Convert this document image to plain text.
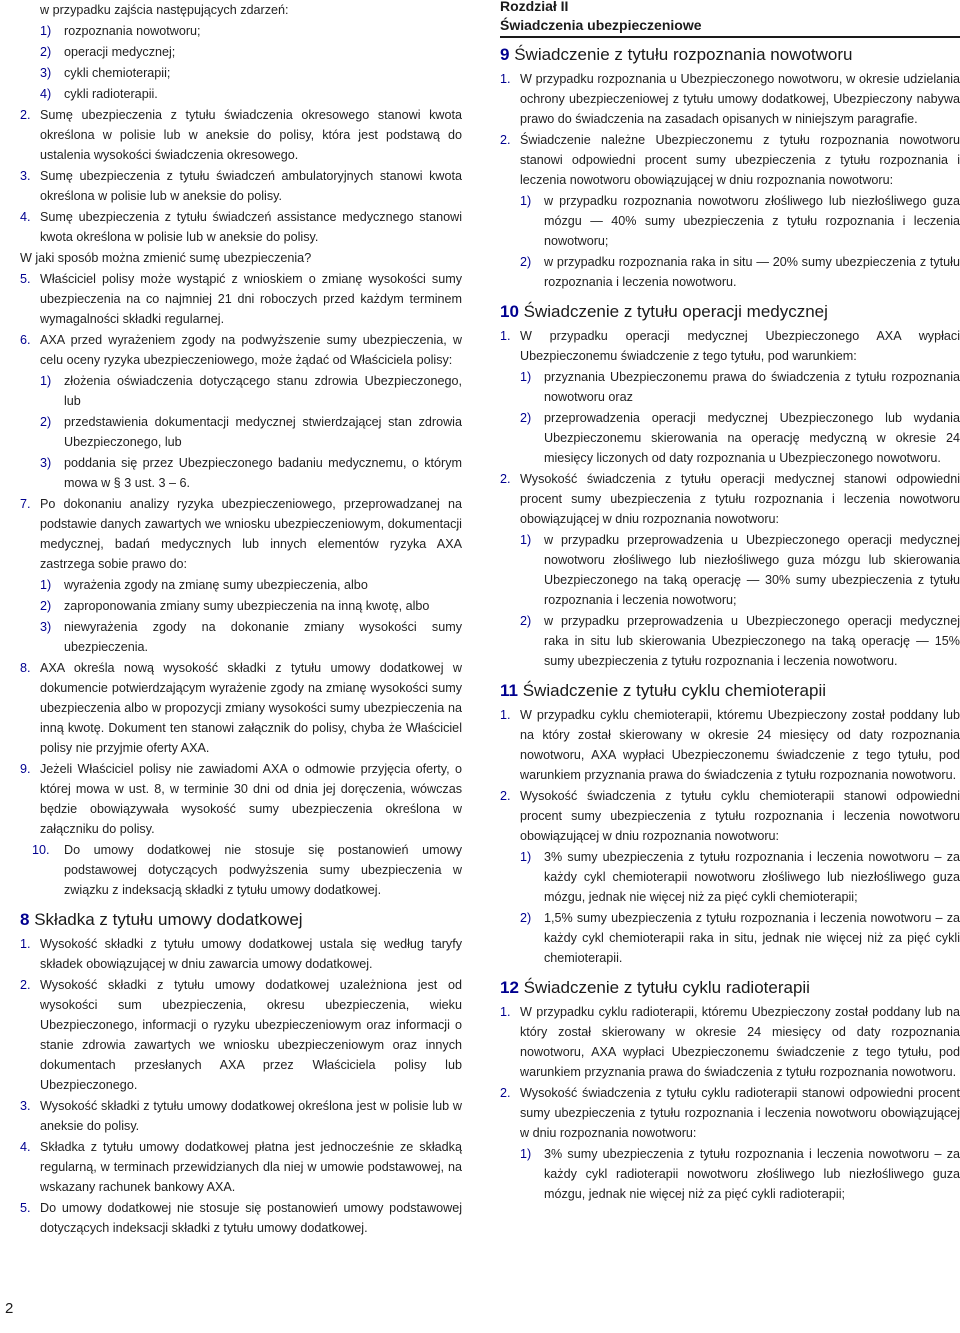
w przypadku zajścia następujących zdarzeń:
1) rozpoznania nowotworu;
2) operacji medycznej;
3) cykli chemioterapii;
4) cykli radioterapii.
2. Sumę ubezpieczenia z tytułu świadczenia okresowego stanowi kwota określona w polisie lub w aneksie do polisy, która jest podstawą do ustalenia wysokości świadczenia okresowego.
3. Sumę ubezpieczenia z tytułu świadczeń ambulatoryjnych stanowi kwota określona w polisie lub w aneksie do polisy.
4. Sumę ubezpieczenia z tytułu świadczeń assistance medycznego stanowi kwota określona w polisie lub w aneksie do polisy.
W jaki sposób można zmienić sumę ubezpieczenia?
5. Właściciel polisy może wystąpić z wnioskiem o zmianę wysokości sumy ubezpieczenia na co najmniej 21 dni roboczych przed każdym terminem wymagalności składki regularnej.
6. AXA przed wyrażeniem zgody na podwyższenie sumy ubezpieczenia, w celu oceny ryzyka ubezpieczeniowego, może żądać od Właściciela polisy:
1) złożenia oświadczenia dotyczącego stanu zdrowia Ubezpieczonego, lub
2) przedstawienia dokumentacji medycznej stwierdzającej stan zdrowia Ubezpieczonego, lub
3) poddania się przez Ubezpieczonego badaniu medycznemu, o którym mowa w § 3 ust. 3 – 6.
7. Po dokonaniu analizy ryzyka ubezpieczeniowego, przeprowadzanej na podstawie danych zawartych we wniosku ubezpieczeniowym, dokumentacji medycznej, badań medycznych lub innych elementów ryzyka AXA zastrzega sobie prawo do:
1) wyrażenia zgody na zmianę sumy ubezpieczenia, albo
2) zaproponowania zmiany sumy ubezpieczenia na inną kwotę, albo
3) niewyrażenia zgody na dokonanie zmiany wysokości sumy ubezpieczenia.
8. AXA określa nową wysokość składki z tytułu umowy dodatkowej w dokumencie potwierdzającym wyrażenie zgody na zmianę wysokości sumy ubezpieczenia albo w propozycji zmiany wysokości sumy ubezpieczenia na inną kwotę. Dokument ten stanowi załącznik do polisy, chyba że Właściciel polisy nie przyjmie oferty AXA.
9. Jeżeli Właściciel polisy nie zawiadomi AXA o odmowie przyjęcia oferty, o której mowa w ust. 8, w terminie 30 dni od dnia jej doręczenia, wówczas będzie obowiązywała wysokość sumy ubezpieczenia określona w załączniku do polisy.
10. Do umowy dodatkowej nie stosuje się postanowień umowy podstawowej dotyczących podwyższenia sumy ubezpieczenia w związku z indeksacją składki z tytułu umowy dodatkowej.
8 Składka z tytułu umowy dodatkowej
1. Wysokość składki z tytułu umowy dodatkowej ustala się według taryfy składek obowiązującej w dniu zawarcia umowy dodatkowej.
2. Wysokość składki z tytułu umowy dodatkowej uzależniona jest od wysokości sum ubezpieczenia, okresu ubezpieczenia, wieku Ubezpieczonego, informacji o ryzyku ubezpieczeniowym oraz informacji o stanie zdrowia zawartych we wniosku ubezpieczeniowym oraz innych dokumentach przesłanych AXA przez Właściciela polisy lub Ubezpieczonego.
3. Wysokość składki z tytułu umowy dodatkowej określona jest w polisie lub w aneksie do polisy.
4. Składka z tytułu umowy dodatkowej płatna jest jednocześnie ze składką regularną, w terminach przewidzianych dla niej w umowie podstawowej, na wskazany rachunek bankowy AXA.
5. Do umowy dodatkowej nie stosuje się postanowień umowy podstawowej dotyczących indeksacji składki z tytułu umowy dodatkowej.
Rozdział II
Świadczenia ubezpieczeniowe
9 Świadczenie z tytułu rozpoznania nowotworu
1. W przypadku rozpoznania u Ubezpieczonego nowotworu, w okresie udzielania ochrony ubezpieczeniowej z tytułu umowy dodatkowej, Ubezpieczony nabywa prawo do świadczenia na zasadach opisanych w niniejszym paragrafie.
2. Świadczenie należne Ubezpieczonemu z tytułu rozpoznania nowotworu stanowi odpowiedni procent sumy ubezpieczenia z tytułu rozpoznania i leczenia nowotworu obowiązującej w dniu rozpoznania nowotworu:
1) w przypadku rozpoznania nowotworu złośliwego lub niezłośliwego guza mózgu — 40% sumy ubezpieczenia z tytułu rozpoznania i leczenia nowotworu;
2) w przypadku rozpoznania raka in situ — 20% sumy ubezpieczenia z tytułu rozpoznania i leczenia nowotworu.
10 Świadczenie z tytułu operacji medycznej
1. W przypadku operacji medycznej Ubezpieczonego AXA wypłaci Ubezpieczonemu świadczenie z tego tytułu, pod warunkiem:
1) przyznania Ubezpieczonemu prawa do świadczenia z tytułu rozpoznania nowotworu oraz
2) przeprowadzenia operacji medycznej Ubezpieczonego lub wydania Ubezpieczonemu skierowania na operację medyczną w okresie 24 miesięcy liczonych od daty rozpoznania u Ubezpieczonego nowotworu.
2. Wysokość świadczenia z tytułu operacji medycznej stanowi odpowiedni procent sumy ubezpieczenia z tytułu rozpoznania i leczenia nowotworu obowiązującej w dniu rozpoznania nowotworu:
1) w przypadku przeprowadzenia u Ubezpieczonego operacji medycznej nowotworu złośliwego lub niezłośliwego guza mózgu lub skierowania Ubezpieczonego na taką operację — 30% sumy ubezpieczenia z tytułu rozpoznania i leczenia nowotworu;
2) w przypadku przeprowadzenia u Ubezpieczonego operacji medycznej raka in situ lub skierowania Ubezpieczonego na taką operację — 15% sumy ubezpieczenia z tytułu rozpoznania i leczenia nowotworu.
11 Świadczenie z tytułu cyklu chemioterapii
1. W przypadku cyklu chemioterapii, któremu Ubezpieczony został poddany lub na który został skierowany w okresie 24 miesięcy od daty rozpoznania nowotworu, AXA wypłaci Ubezpieczonemu świadczenie z tego tytułu, pod warunkiem przyznania prawa do świadczenia z tytułu rozpoznania nowotworu.
2. Wysokość świadczenia z tytułu cyklu chemioterapii stanowi odpowiedni procent sumy ubezpieczenia z tytułu rozpoznania i leczenia nowotworu obowiązującej w dniu rozpoznania nowotworu:
1) 3% sumy ubezpieczenia z tytułu rozpoznania i leczenia nowotworu – za każdy cykl chemioterapii nowotworu złośliwego lub niezłośliwego guza mózgu, jednak nie więcej niż za pięć cykli chemioterapii;
2) 1,5% sumy ubezpieczenia z tytułu rozpoznania i leczenia nowotworu – za każdy cykl chemioterapii raka in situ, jednak nie więcej niż za pięć cykli chemioterapii.
12 Świadczenie z tytułu cyklu radioterapii
1. W przypadku cyklu radioterapii, któremu Ubezpieczony został poddany lub na który został skierowany w okresie 24 miesięcy od daty rozpoznania nowotworu, AXA wypłaci Ubezpieczonemu świadczenie z tego tytułu, pod warunkiem przyznania prawa do świadczenia z tytułu rozpoznania nowotworu.
2. Wysokość świadczenia z tytułu cyklu radioterapii stanowi odpowiedni procent sumy ubezpieczenia z tytułu rozpoznania i leczenia nowotworu obowiązującej w dniu rozpoznania nowotworu:
1) 3% sumy ubezpieczenia z tytułu rozpoznania i leczenia nowotworu – za każdy cykl radioterapii nowotworu złośliwego lub niezłośliwego guza mózgu, jednak nie więcej niż za pięć cykli radioterapii;
2
